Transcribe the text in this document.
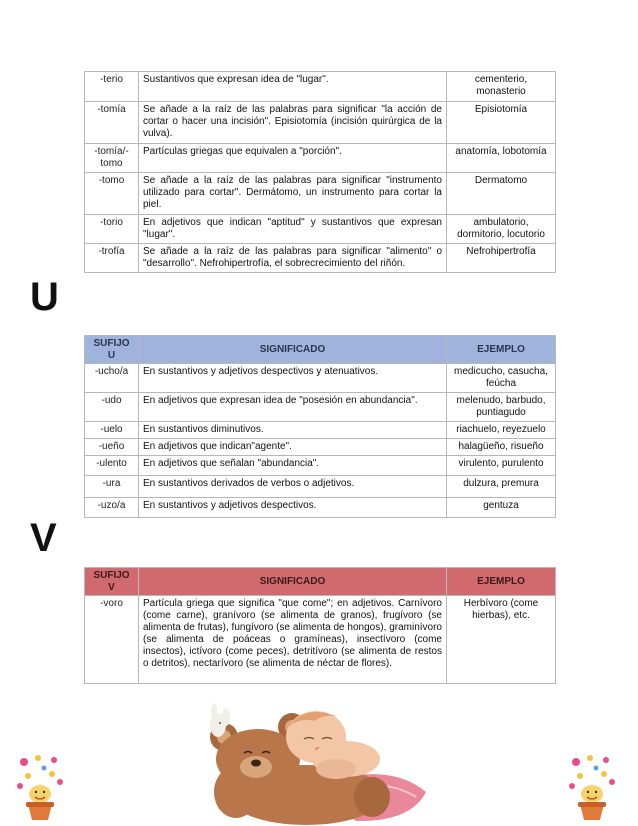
-terio	Sustantivos que expresan idea de "lugar".	cementerio, monasterio
-tomía	Se añade a la raíz de las palabras para significar "la acción de cortar o hacer una incisión". Episiotomía (incisión quirúrgica de la vulva).	Episiotomía
-tomía/-tomo	Partículas griegas que equivalen a "porción".	anatomía, lobotomía
-tomo	Se añade a la raíz de las palabras para significar "instrumento utilizado para cortar". Dermátomo, un instrumento para cortar la piel.	Dermatomo
-torio	En adjetivos que indican "aptitud" y sustantivos que expresan "lugar".	ambulatorio, dormitorio, locutorio
-trofía	Se añade a la raíz de las palabras para significar "alimento" o "desarrollo". Nefrohipertrofía, el sobrecrecimiento del riñón.	Nefrohipertrofía
U
SUFIJO U	SIGNIFICADO	EJEMPLO
-ucho/a	En sustantivos y adjetivos despectivos y atenuativos.	medicucho, casucha, feúcha
-udo	En adjetivos que expresan idea de "posesión en abundancia".	melenudo, barbudo, puntiagudo
-uelo	En sustantivos diminutivos.	riachuelo, reyezuelo
-ueño	En adjetivos que indican"agente".	halagüeño, risueño
-ulento	En adjetivos que señalan "abundancia".	virulento, purulento
-ura	En sustantivos derivados de verbos o adjetivos.	dulzura, premura
-uzo/a	En sustantivos y adjetivos despectivos.	gentuza
V
SUFIJO V	SIGNIFICADO	EJEMPLO
-voro	Partícula griega que significa "que come"; en adjetivos. Carnívoro (come carne), granívoro (se alimenta de granos), frugívoro (se alimenta de frutas), fungívoro (se alimenta de hongos), graminívoro (se alimenta de poáceas o gramíneas), insectívoro (come insectos), ictívoro (come peces), detritívoro (se alimenta de restos o detritos), nectarívoro (se alimenta de néctar de flores).	Herbívoro (come hierbas), etc.
